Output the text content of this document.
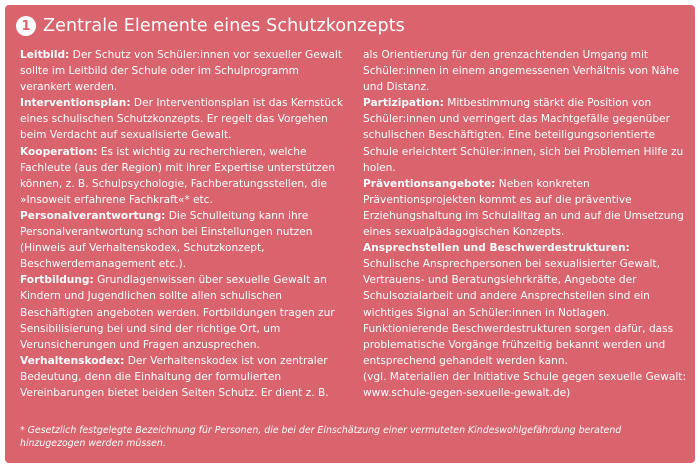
1 Zentrale Elemente eines Schutzkonzepts

Leitbild: Der Schutz von Schüler:innen vor sexueller Gewalt sollte im Leitbild der Schule oder im Schulprogramm verankert werden.

Interventionsplan: Der Interventionsplan ist das Kernstück eines schulischen Schutzkonzepts. Er regelt das Vorgehen beim Verdacht auf sexualisierte Gewalt.

Kooperation: Es ist wichtig zu recherchieren, welche Fachleute (aus der Region) mit ihrer Expertise unterstützen können, z. B. Schulpsychologie, Fachberatungsstellen, die »Insoweit erfahrene Fachkraft«* etc.

Personalverantwortung: Die Schulleitung kann ihre Personalverantwortung schon bei Einstellungen nutzen (Hinweis auf Verhaltenskodex, Schutzkonzept, Beschwerdemanagement etc.).

Fortbildung: Grundlagenwissen über sexuelle Gewalt an Kindern und Jugendlichen sollte allen schulischen Beschäftigten angeboten werden. Fortbildungen tragen zur Sensibilisierung bei und sind der richtige Ort, um Verunsicherungen und Fragen anzusprechen.

Verhaltenskodex: Der Verhaltenskodex ist von zentraler Bedeutung, denn die Einhaltung der formulierten Vereinbarungen bietet beiden Seiten Schutz. Er dient z. B.

als Orientierung für den grenzachtenden Umgang mit Schüler:innen in einem angemessenen Verhältnis von Nähe und Distanz.

Partizipation: Mitbestimmung stärkt die Position von Schüler:innen und verringert das Machtgefälle gegenüber schulischen Beschäftigten. Eine beteiligungsorientierte Schule erleichtert Schüler:innen, sich bei Problemen Hilfe zu holen.

Präventionsangebote: Neben konkreten Präventionsprojekten kommt es auf die präventive Erziehungshaltung im Schulalltag an und auf die Umsetzung eines sexualpädagogischen Konzepts.

Ansprechstellen und Beschwerdestrukturen: Schulische Ansprechpersonen bei sexualisierter Gewalt, Vertrauens- und Beratungslehrkräfte, Angebote der Schulsozialarbeit und andere Ansprechstellen sind ein wichtiges Signal an Schüler:innen in Notlagen. Funktionierende Beschwerdestrukturen sorgen dafür, dass problematische Vorgänge frühzeitig bekannt werden und entsprechend gehandelt werden kann.

(vgl. Materialien der Initiative Schule gegen sexuelle Gewalt: www.schule-gegen-sexuelle-gewalt.de)

* Gesetzlich festgelegte Bezeichnung für Personen, die bei der Einschätzung einer vermuteten Kindeswohlgefährdung beratend hinzugezogen werden müssen.
